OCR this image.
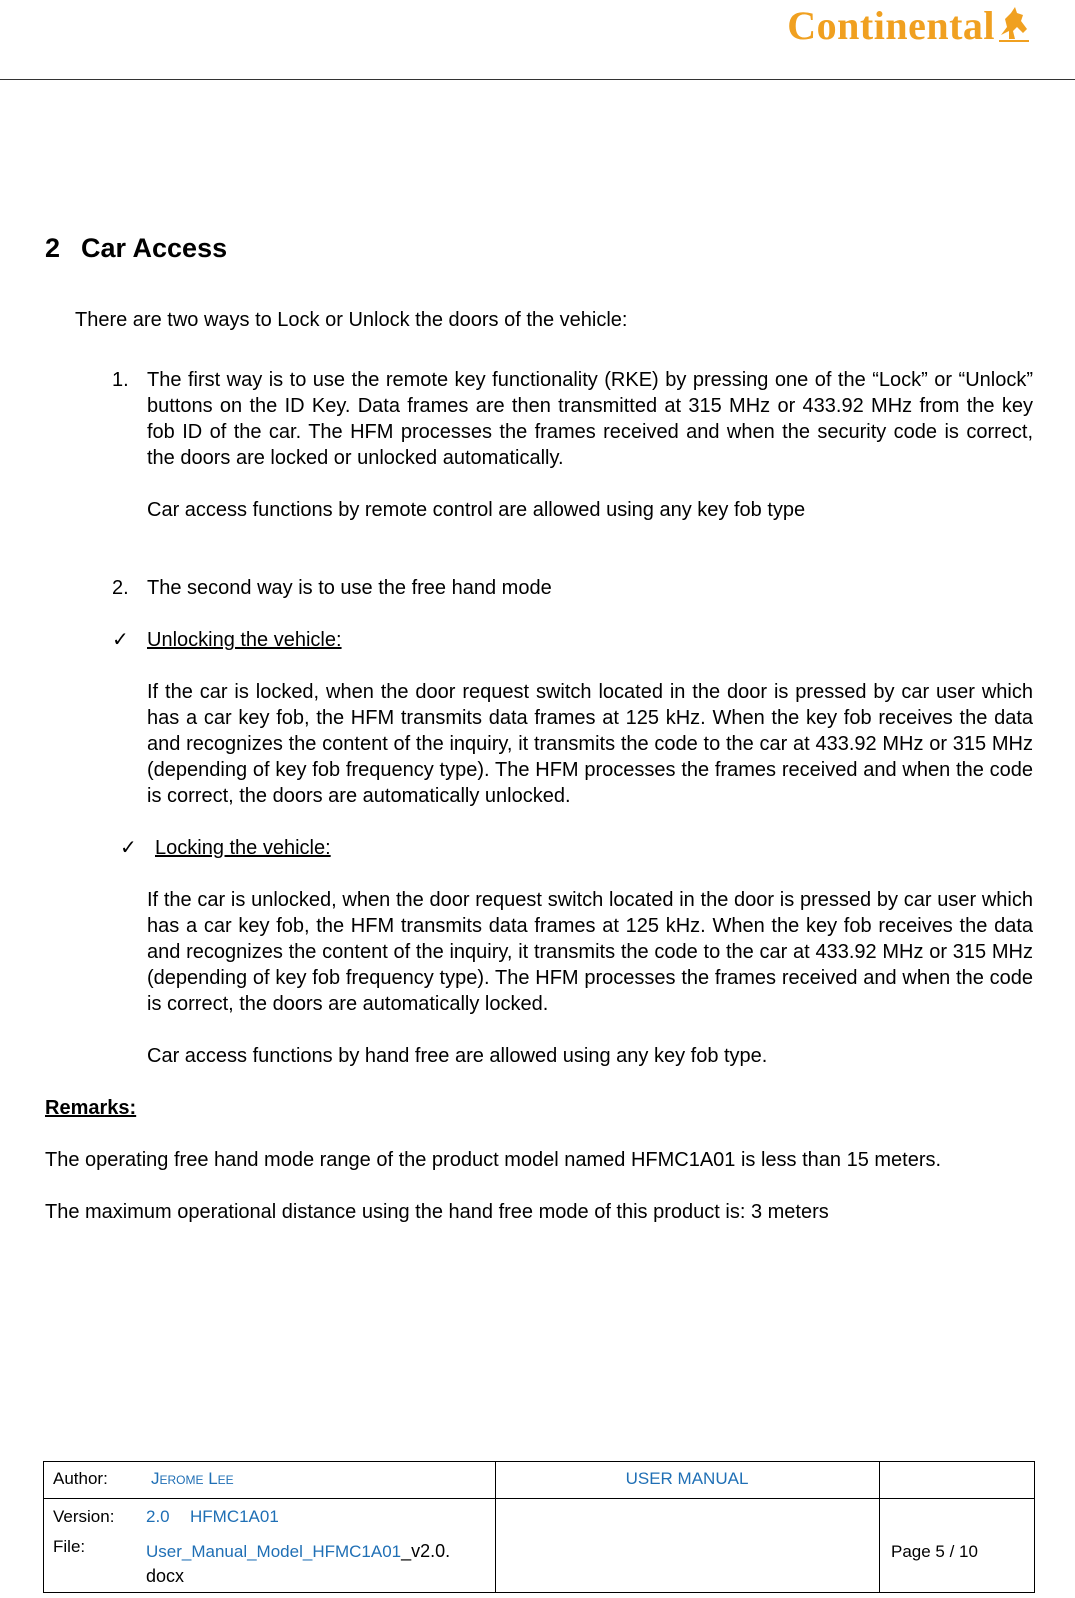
Continental
2 Car Access
There are two ways to Lock or Unlock the doors of the vehicle:
1. The first way is to use the remote key functionality (RKE) by pressing one of the “Lock” or “Unlock” buttons on the ID Key. Data frames are then transmitted at 315 MHz or 433.92 MHz from the key fob ID of the car. The HFM processes the frames received and when the security code is correct, the doors are locked or unlocked automatically.
Car access functions by remote control are allowed using any key fob type
2. The second way is to use the free hand mode
✓ Unlocking the vehicle:
If the car is locked, when the door request switch located in the door is pressed by car user which has a car key fob, the HFM transmits data frames at 125 kHz. When the key fob receives the data and recognizes the content of the inquiry, it transmits the code to the car at 433.92 MHz or 315 MHz (depending of key fob frequency type). The HFM processes the frames received and when the code is correct, the doors are automatically unlocked.
✓ Locking the vehicle:
If the car is unlocked, when the door request switch located in the door is pressed by car user which has a car key fob, the HFM transmits data frames at 125 kHz. When the key fob receives the data and recognizes the content of the inquiry, it transmits the code to the car at 433.92 MHz or 315 MHz (depending of key fob frequency type). The HFM processes the frames received and when the code is correct, the doors are automatically locked.
Car access functions by hand free are allowed using any key fob type.
Remarks:
The operating free hand mode range of the product model named HFMC1A01 is less than 15 meters.
The maximum operational distance using the hand free mode of this product is: 3 meters
Author:	Jerome Lee	USER MANUAL
Version: 2.0 HFMC1A01
File:	User_Manual_Model_HFMC1A01_v2.0.
docx
Page 5 / 10
